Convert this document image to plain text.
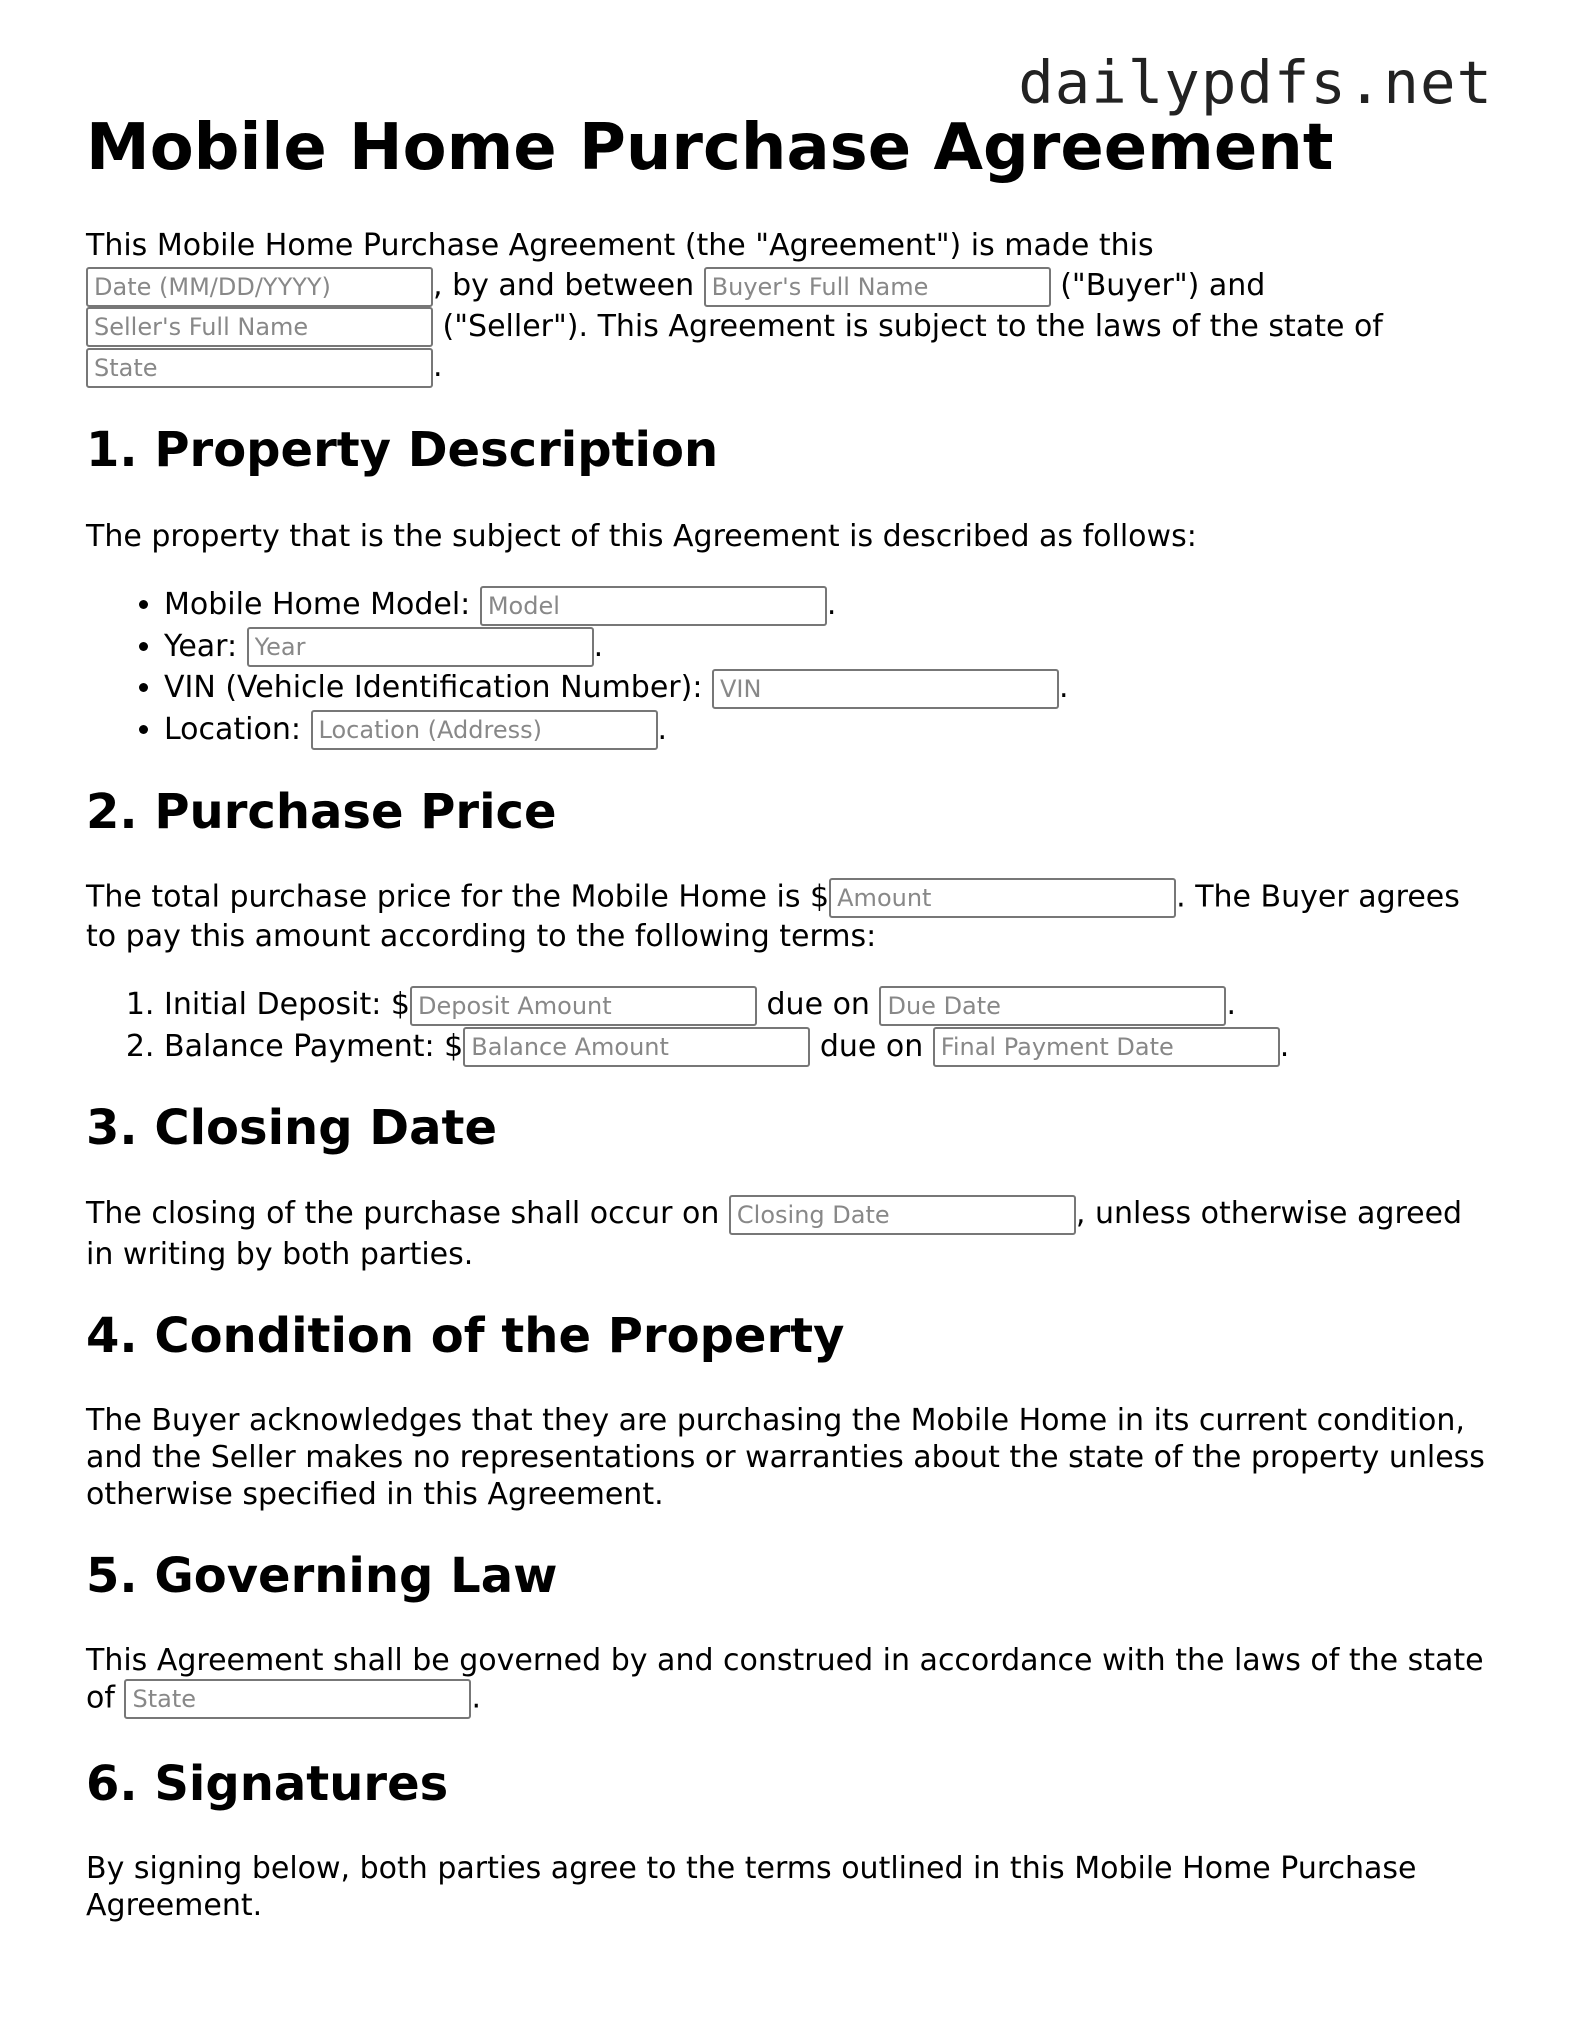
dailypdfs.net
Mobile Home Purchase Agreement

This Mobile Home Purchase Agreement (the "Agreement") is made this
Date (MM/DD/YYYY), by and between Buyer's Full Name	("Buyer") and
Seller's Full Name ("Seller"). This Agreement is subject to the laws of the state of
State.

1. Property Description

The property that is the subject of this Agreement is described as follows:

• Mobile Home Model: Model	.
• Year: Year	.
• VIN (Vehicle Identification Number): VIN	.
• Location: Location (Address)	.
2. Purchase Price

The total purchase price for the Mobile Home is $Amount	. The Buyer agrees to pay this amount according to the following terms:

1. Initial Deposit: $Deposit Amount	due on Due Date	.
2. Balance Payment: $Balance Amount	due on Final Payment Date	.
3. Closing Date

The closing of the purchase shall occur on Closing Date	, unless otherwise agreed in writing by both parties.

4. Condition of the Property

The Buyer acknowledges that they are purchasing the Mobile Home in its current condition, and the Seller makes no representations or warranties about the state of the property unless otherwise specified in this Agreement.

5. Governing Law

This Agreement shall be governed by and construed in accordance with the laws of the state of State	.

6. Signatures

By signing below, both parties agree to the terms outlined in this Mobile Home Purchase Agreement.
